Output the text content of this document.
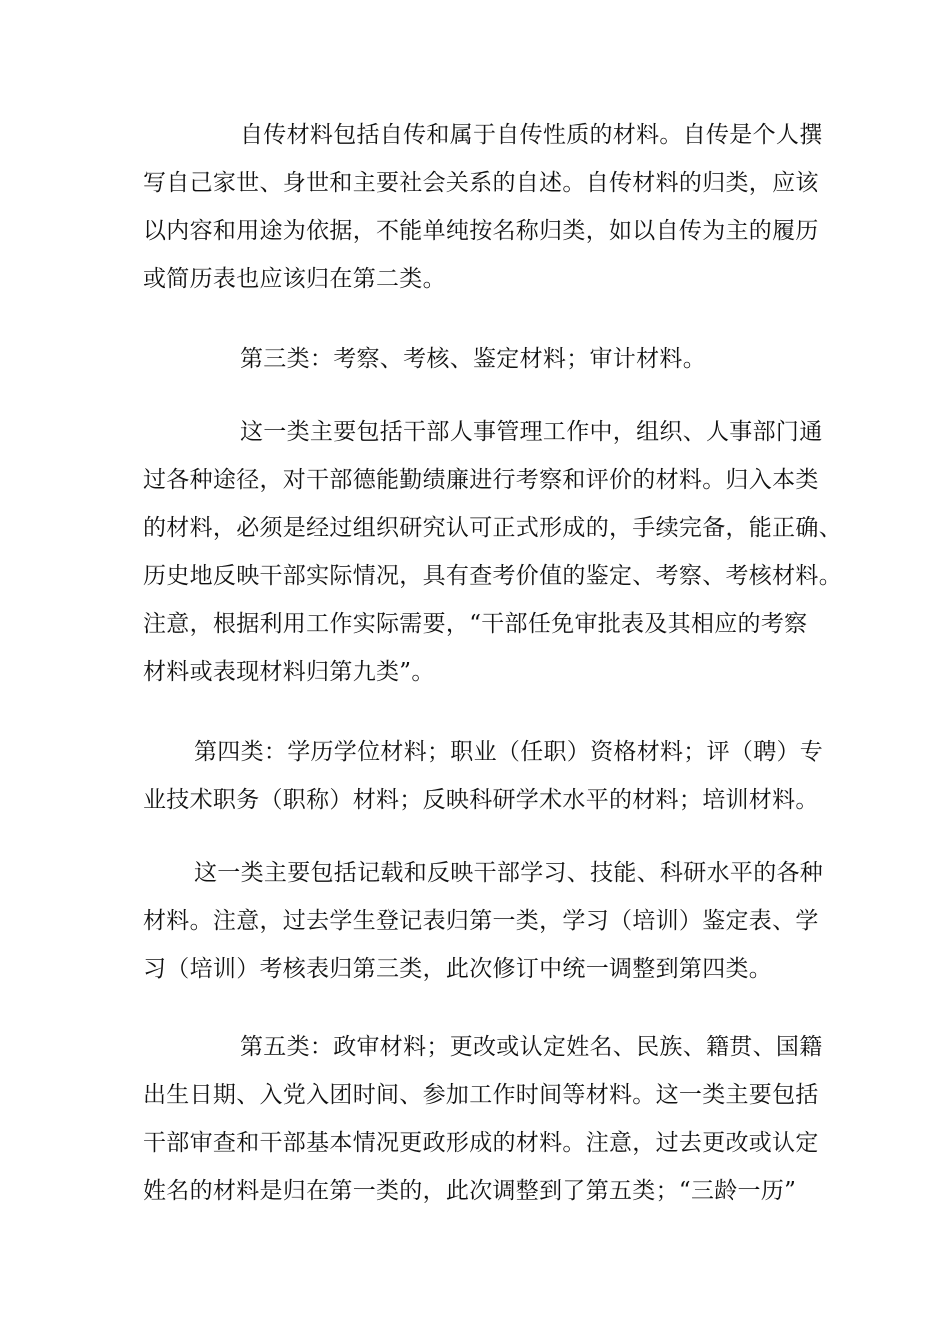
自传材料包括自传和属于自传性质的材料。自传是个人撰
写自己家世、身世和主要社会关系的自述。自传材料的归类，应该
以内容和用途为依据，不能单纯按名称归类，如以自传为主的履历
或简历表也应该归在第二类。
第三类：考察、考核、鉴定材料；审计材料。
这一类主要包括干部人事管理工作中，组织、人事部门通
过各种途径，对干部德能勤绩廉进行考察和评价的材料。归入本类
的材料，必须是经过组织研究认可正式形成的，手续完备，能正确、
历史地反映干部实际情况，具有查考价值的鉴定、考察、考核材料。
注意，根据利用工作实际需要，“干部任免审批表及其相应的考察
材料或表现材料归第九类”。
第四类：学历学位材料；职业（任职）资格材料；评（聘）专
业技术职务（职称）材料；反映科研学术水平的材料；培训材料。
这一类主要包括记载和反映干部学习、技能、科研水平的各种
材料。注意，过去学生登记表归第一类，学习（培训）鉴定表、学
习（培训）考核表归第三类，此次修订中统一调整到第四类。
第五类：政审材料；更改或认定姓名、民族、籍贯、国籍
出生日期、入党入团时间、参加工作时间等材料。这一类主要包括
干部审查和干部基本情况更政形成的材料。注意，过去更改或认定
姓名的材料是归在第一类的，此次调整到了第五类；“三龄一历”
